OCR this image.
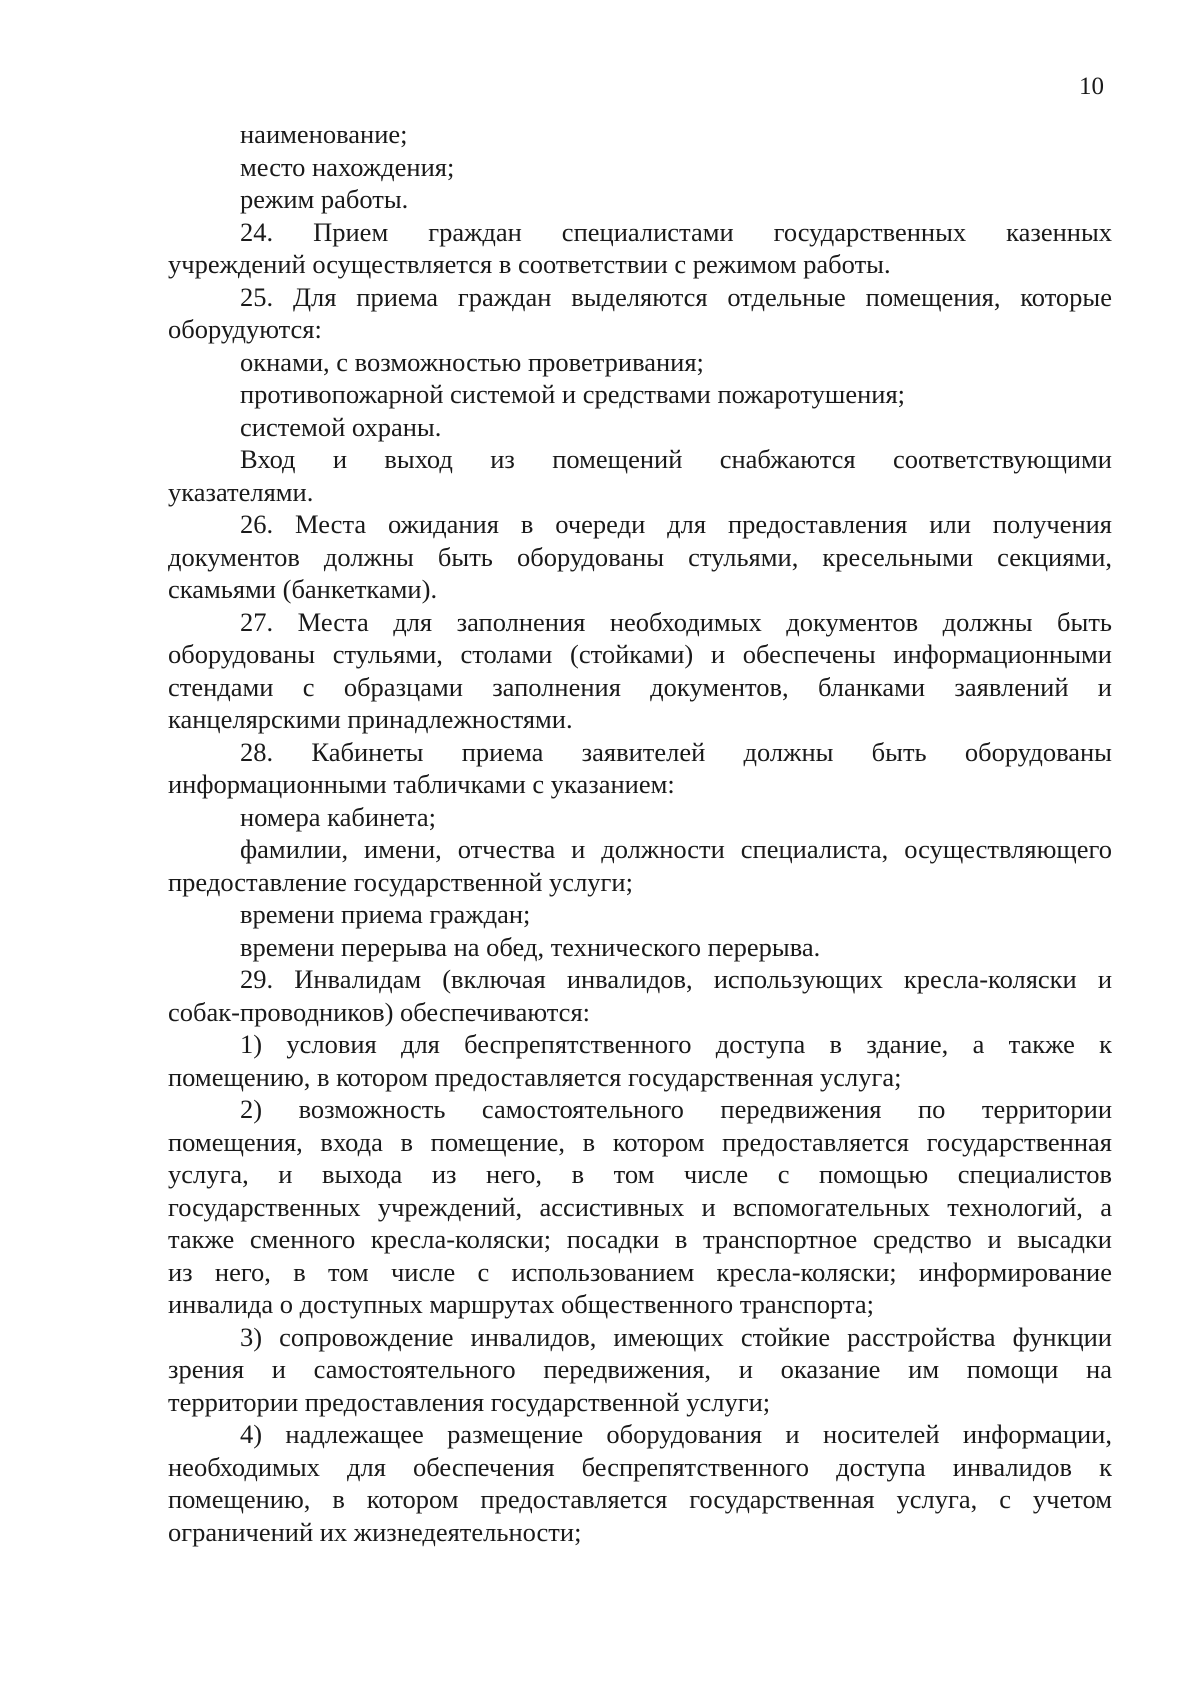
10
наименование;
место нахождения;
режим работы.
24. Прием граждан специалистами государственных казенных
учреждений осуществляется в соответствии с режимом работы.
25. Для приема граждан выделяются отдельные помещения, которые
оборудуются:
окнами, с возможностью проветривания;
противопожарной системой и средствами пожаротушения;
системой охраны.
Вход и выход из помещений снабжаются соответствующими
указателями.
26. Места ожидания в очереди для предоставления или получения
документов должны быть оборудованы стульями, кресельными секциями,
скамьями (банкетками).
27. Места для заполнения необходимых документов должны быть
оборудованы стульями, столами (стойками) и обеспечены информационными
стендами с образцами заполнения документов, бланками заявлений и
канцелярскими принадлежностями.
28. Кабинеты приема заявителей должны быть оборудованы
информационными табличками с указанием:
номера кабинета;
фамилии, имени, отчества и должности специалиста, осуществляющего
предоставление государственной услуги;
времени приема граждан;
времени перерыва на обед, технического перерыва.
29. Инвалидам (включая инвалидов, использующих кресла-коляски и
собак-проводников) обеспечиваются:
1) условия для беспрепятственного доступа в здание, а также к
помещению, в котором предоставляется государственная услуга;
2) возможность самостоятельного передвижения по территории
помещения, входа в помещение, в котором предоставляется государственная
услуга, и выхода из него, в том числе с помощью специалистов
государственных учреждений, ассистивных и вспомогательных технологий, а
также сменного кресла-коляски; посадки в транспортное средство и высадки
из него, в том числе с использованием кресла-коляски; информирование
инвалида о доступных маршрутах общественного транспорта;
3) сопровождение инвалидов, имеющих стойкие расстройства функции
зрения и самостоятельного передвижения, и оказание им помощи на
территории предоставления государственной услуги;
4) надлежащее размещение оборудования и носителей информации,
необходимых для обеспечения беспрепятственного доступа инвалидов к
помещению, в котором предоставляется государственная услуга, с учетом
ограничений их жизнедеятельности;
